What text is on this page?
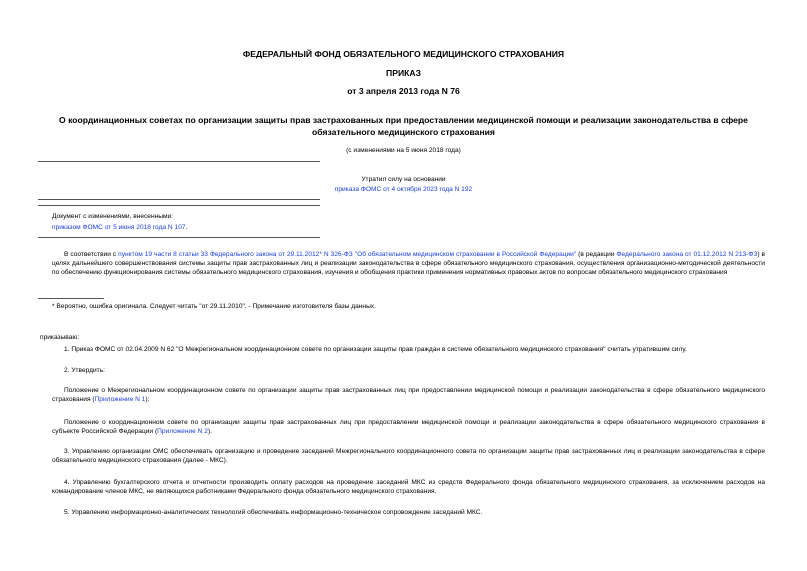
ФЕДЕРАЛЬНЫЙ ФОНД ОБЯЗАТЕЛЬНОГО МЕДИЦИНСКОГО СТРАХОВАНИЯ
ПРИКАЗ
от 3 апреля 2013 года N 76
О координационных советах по организации защиты прав застрахованных при предоставлении медицинской помощи и реализации законодательства в сфере
обязательного медицинского страхования
(с изменениями на 5 июня 2018 года)
Утратил силу на основании
приказа ФОМС от 4 октября 2023 года N 192
Документ с изменениями, внесенными:
приказом ФОМС от 5 июня 2018 года N 107.
В соответствии с пунктом 19 части 8 статьи 33 Федерального закона от 29.11.2012* N 326-ФЗ "Об обязательном медицинском страховании в Российской Федерации" (в редакции Федерального закона от 01.12.2012 N 213-ФЗ) в целях дальнейшего совершенствования системы защиты прав застрахованных лиц и реализации законодательства в сфере обязательного медицинского страхования, осуществления организационно-методической деятельности по обеспечению функционирования системы обязательного медицинского страхования, изучения и обобщения практики применения нормативных правовых актов по вопросам обязательного медицинского страхования
* Вероятно, ошибка оригинала. Следует читать "от 29.11.2010". - Примечание изготовителя базы данных.
приказываю:
1. Приказ ФОМС от 02.04.2009 N 62 "О Межрегиональном координационном совете по организации защиты прав граждан в системе обязательного медицинского страхования" считать утратившим силу.
2. Утвердить:
Положение о Межрегиональном координационном совете по организации защиты прав застрахованных лиц при предоставлении медицинской помощи и реализации законодательства в сфере обязательного медицинского страхования (Приложение N 1);
Положение о координационном совете по организации защиты прав застрахованных лиц при предоставлении медицинской помощи и реализации законодательства в сфере обязательного медицинского страхования в субъекте Российской Федерации (Приложение N 2).
3. Управлению организации ОМС обеспечивать организацию и проведение заседаний Межрегионального координационного совета по организации защиты прав застрахованных лиц и реализации законодательства в сфере обязательного медицинского страхования (далее - МКС).
4. Управлению бухгалтерского отчета и отчетности производить оплату расходов на проведение заседаний МКС из средств Федерального фонда обязательного медицинского страхования, за исключением расходов на командирование членов МКС, не являющихся работниками Федерального фонда обязательного медицинского страхования.
5. Управлению информационно-аналитических технологий обеспечивать информационно-техническое сопровождение заседаний МКС.
